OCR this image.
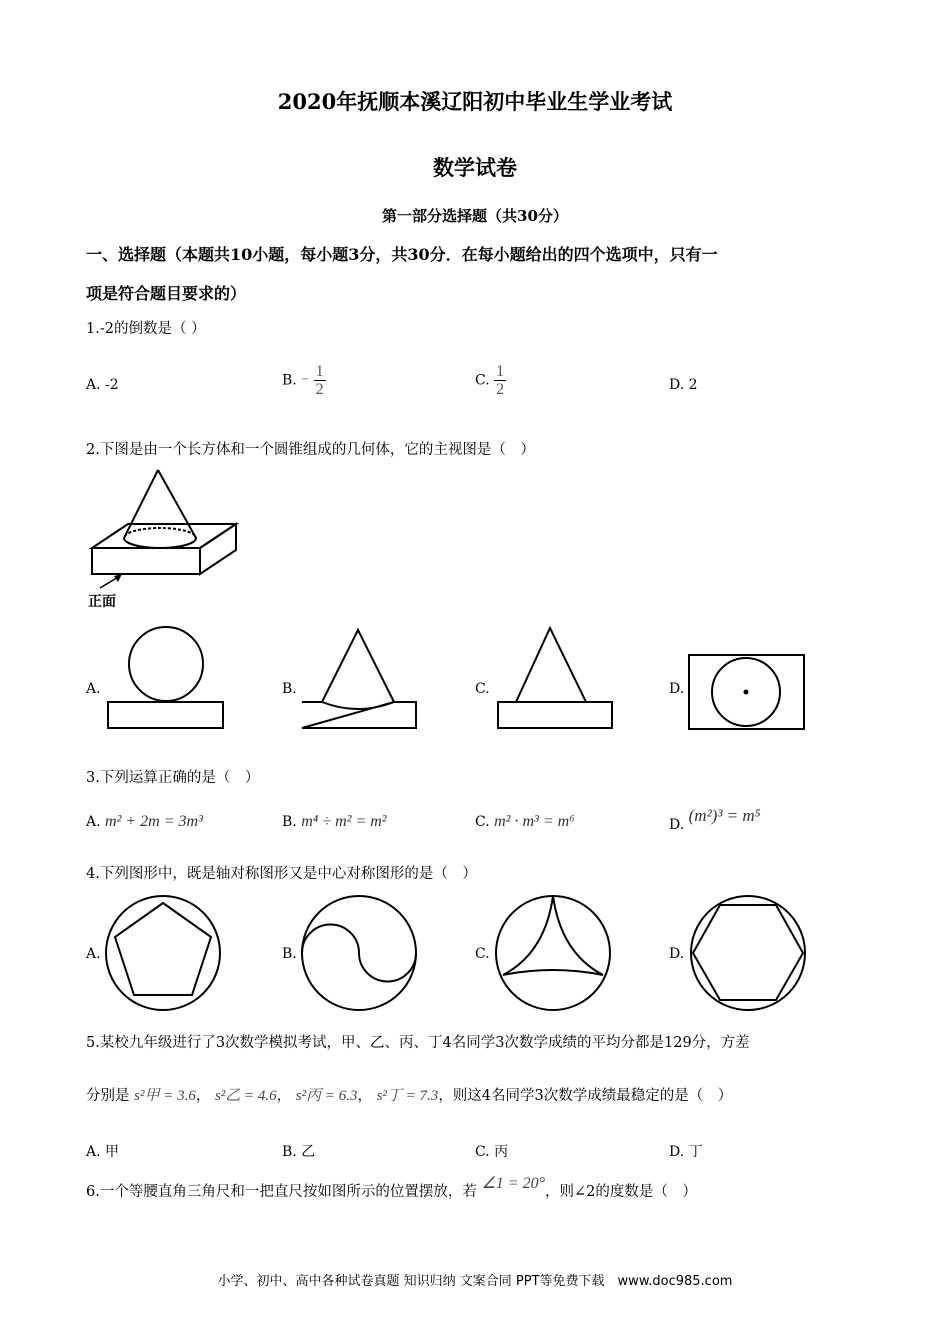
2020年抚顺本溪辽阳初中毕业生学业考试
数学试卷
第一部分选择题（共30分）
一、选择题（本题共10小题，每小题3分，共30分．在每小题给出的四个选项中，只有一
项是符合题目要求的）
1.-2的倒数是（ ）
A. -2	B. − $\frac{1}{2}$	C. $\frac{1}{2}$	D. 2
2.下图是由一个长方体和一个圆锥组成的几何体，它的主视图是（　）
正面
A.	B.	C.	D.
3.下列运算正确的是（　）
A. m² + 2m = 3m³	B. m⁴ ÷ m² = m²	C. m² · m³ = m⁶	D. (m²)³ = m⁵
4.下列图形中，既是轴对称图形又是中心对称图形的是（　）
A.	B.	C.	D.
5.某校九年级进行了3次数学模拟考试，甲、乙、丙、丁4名同学3次数学成绩的平均分都是129分，方差
分别是 s²甲 = 3.6， s²乙 = 4.6， s²丙 = 6.3， s²丁 = 7.3，则这4名同学3次数学成绩最稳定的是（　）
A. 甲	B. 乙	C. 丙	D. 丁
6.一个等腰直角三角尺和一把直尺按如图所示的位置摆放，若 ∠1 = 20°，则∠2的度数是（　）
小学、初中、高中各种试卷真题 知识归纳 文案合同 PPT等免费下载　www.doc985.com
